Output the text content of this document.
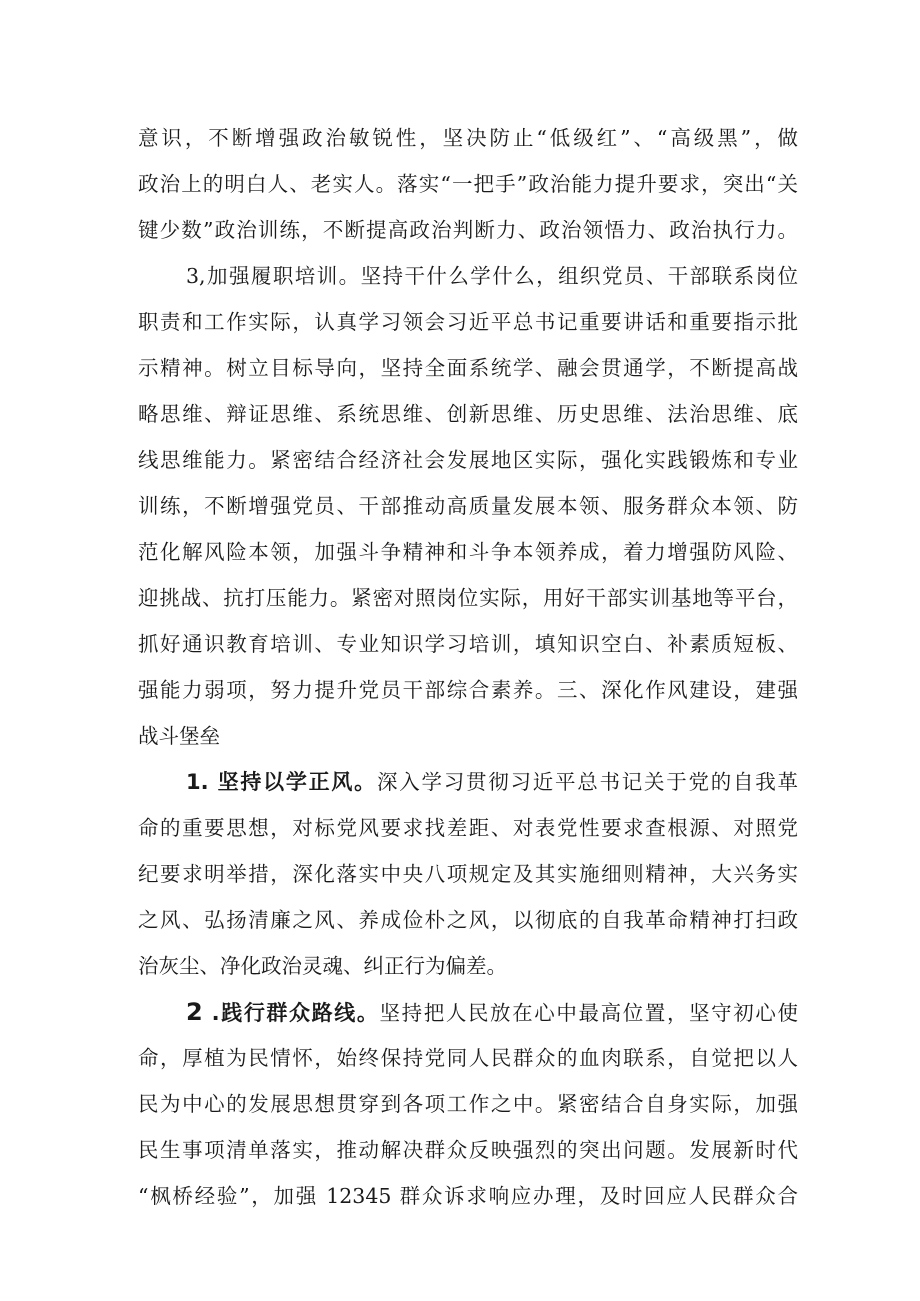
意识，不断增强政治敏锐性，坚决防止“低级红”、“高级黑”，做
政治上的明白人、老实人。落实“一把手”政治能力提升要求，突出“关
键少数”政治训练，不断提高政治判断力、政治领悟力、政治执行力。
3,加强履职培训。坚持干什么学什么，组织党员、干部联系岗位
职责和工作实际，认真学习领会习近平总书记重要讲话和重要指示批
示精神。树立目标导向，坚持全面系统学、融会贯通学，不断提高战
略思维、辩证思维、系统思维、创新思维、历史思维、法治思维、底
线思维能力。紧密结合经济社会发展地区实际，强化实践锻炼和专业
训练，不断增强党员、干部推动高质量发展本领、服务群众本领、防
范化解风险本领，加强斗争精神和斗争本领养成，着力增强防风险、
迎挑战、抗打压能力。紧密对照岗位实际，用好干部实训基地等平台，
抓好通识教育培训、专业知识学习培训，填知识空白、补素质短板、
强能力弱项，努力提升党员干部综合素养。三、深化作风建设，建强
战斗堡垒
1. 坚持以学正风。深入学习贯彻习近平总书记关于党的自我革
命的重要思想，对标党风要求找差距、对表党性要求查根源、对照党
纪要求明举措，深化落实中央八项规定及其实施细则精神，大兴务实
之风、弘扬清廉之风、养成俭朴之风，以彻底的自我革命精神打扫政
治灰尘、净化政治灵魂、纠正行为偏差。
2 .践行群众路线。坚持把人民放在心中最高位置，坚守初心使
命，厚植为民情怀，始终保持党同人民群众的血肉联系，自觉把以人
民为中心的发展思想贯穿到各项工作之中。紧密结合自身实际，加强
民生事项清单落实，推动解决群众反映强烈的突出问题。发展新时代
“枫桥经验”，加强 12345 群众诉求响应办理，及时回应人民群众合
